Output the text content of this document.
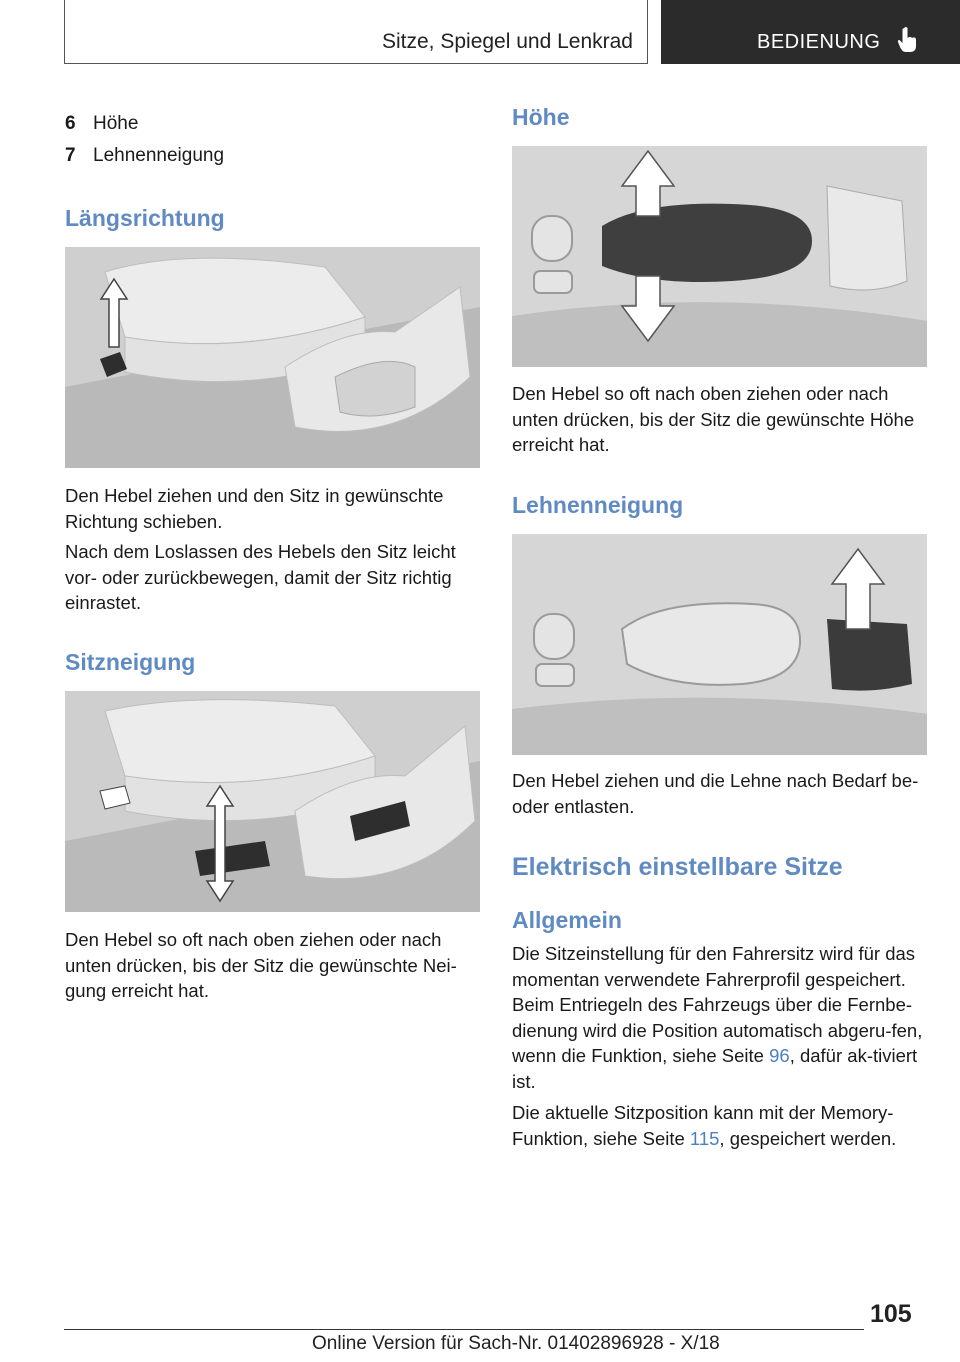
Sitze, Spiegel und Lenkrad	BEDIENUNG
6 Höhe
7 Lehnenneigung
Längsrichtung
Den Hebel ziehen und den Sitz in gewünschte Richtung schieben.
Nach dem Loslassen des Hebels den Sitz leicht vor- oder zurückbewegen, damit der Sitz richtig einrastet.
Sitzneigung
Den Hebel so oft nach oben ziehen oder nach unten drücken, bis der Sitz die gewünschte Nei‐gung erreicht hat.
Höhe
Den Hebel so oft nach oben ziehen oder nach unten drücken, bis der Sitz die gewünschte Höhe erreicht hat.
Lehnenneigung
Den Hebel ziehen und die Lehne nach Bedarf be- oder entlasten.
Elektrisch einstellbare Sitze
Allgemein
Die Sitzeinstellung für den Fahrersitz wird für das momentan verwendete Fahrerprofil gespeichert. Beim Entriegeln des Fahrzeugs über die Fernbe‐dienung wird die Position automatisch abgeru‐fen, wenn die Funktion, siehe Seite 96, dafür ak‐tiviert ist.
Die aktuelle Sitzposition kann mit der Memory-Funktion, siehe Seite 115, gespeichert werden.
105
Online Version für Sach-Nr. 01402896928 - X/18
